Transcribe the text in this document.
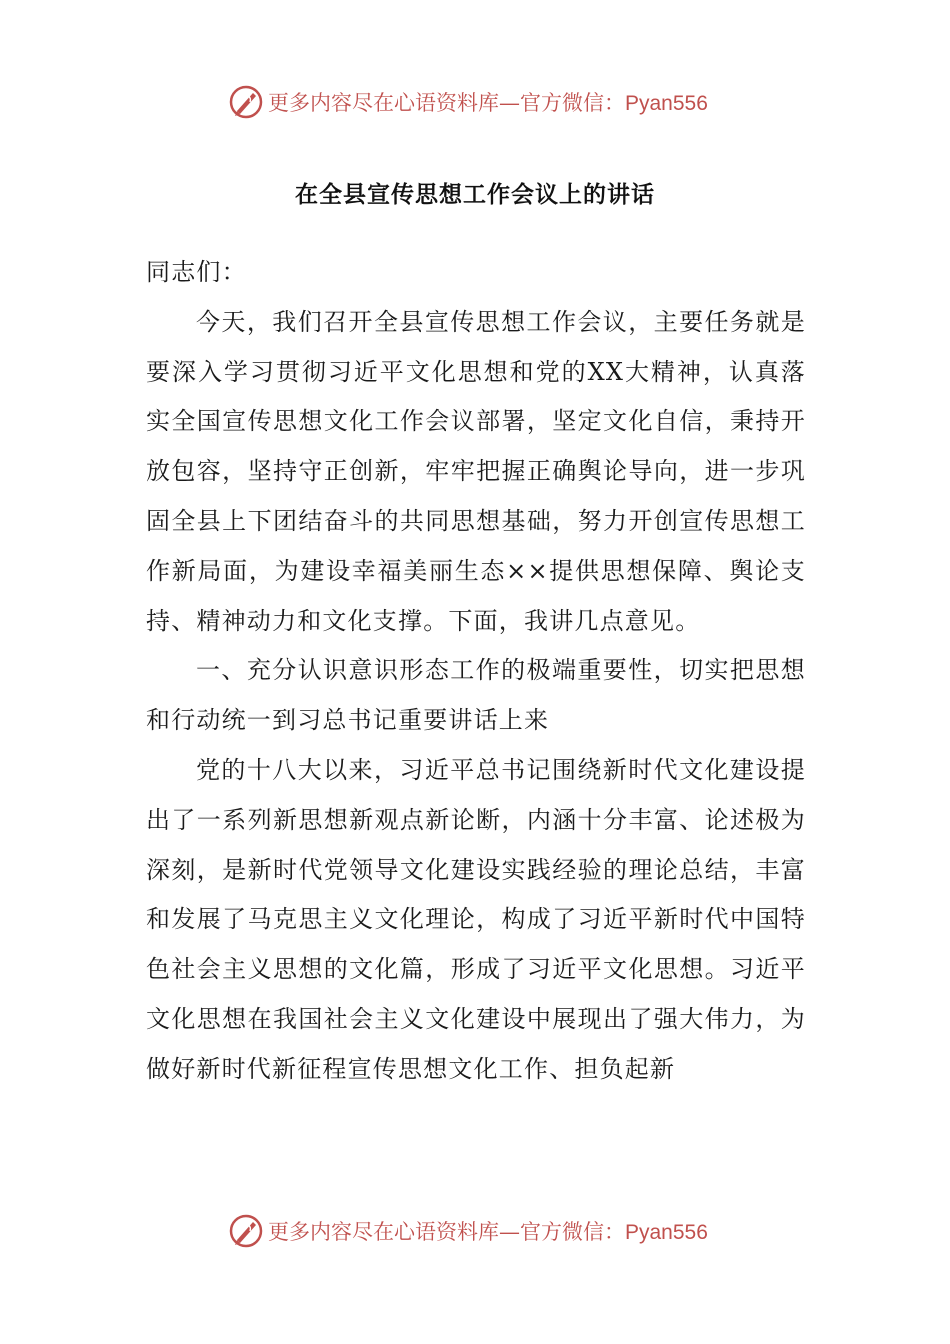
更多内容尽在心语资料库—官方微信：Pyan556
在全县宣传思想工作会议上的讲话

同志们：

今天，我们召开全县宣传思想工作会议，主要任务就是要深入学习贯彻习近平文化思想和党的XX大精神，认真落实全国宣传思想文化工作会议部署，坚定文化自信，秉持开放包容，坚持守正创新，牢牢把握正确舆论导向，进一步巩固全县上下团结奋斗的共同思想基础，努力开创宣传思想工作新局面，为建设幸福美丽生态××提供思想保障、舆论支持、精神动力和文化支撑。下面，我讲几点意见。

一、充分认识意识形态工作的极端重要性，切实把思想和行动统一到习总书记重要讲话上来

党的十八大以来，习近平总书记围绕新时代文化建设提出了一系列新思想新观点新论断，内涵十分丰富、论述极为深刻，是新时代党领导文化建设实践经验的理论总结，丰富和发展了马克思主义文化理论，构成了习近平新时代中国特色社会主义思想的文化篇，形成了习近平文化思想。习近平文化思想在我国社会主义文化建设中展现出了强大伟力，为做好新时代新征程宣传思想文化工作、担负起新

更多内容尽在心语资料库—官方微信：Pyan556
